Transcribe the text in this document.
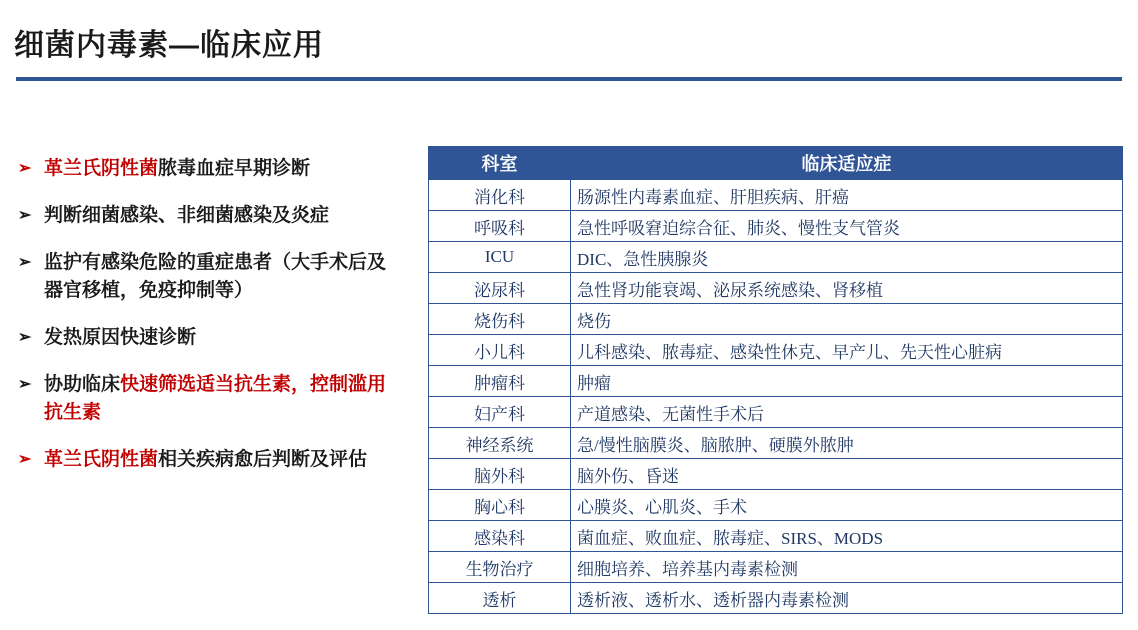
细菌内毒素—临床应用
➢ 革兰氏阴性菌脓毒血症早期诊断
➢ 判断细菌感染、非细菌感染及炎症
➢ 监护有感染危险的重症患者（大手术后及器官移植，免疫抑制等）
➢ 发热原因快速诊断
➢ 协助临床快速筛选适当抗生素，控制滥用抗生素
➢ 革兰氏阴性菌相关疾病愈后判断及评估
科室	临床适应症
消化科	肠源性内毒素血症、肝胆疾病、肝癌
呼吸科	急性呼吸窘迫综合征、肺炎、慢性支气管炎
ICU	DIC、急性胰腺炎
泌尿科	急性肾功能衰竭、泌尿系统感染、肾移植
烧伤科	烧伤
小儿科	儿科感染、脓毒症、感染性休克、早产儿、先天性心脏病
肿瘤科	肿瘤
妇产科	产道感染、无菌性手术后
神经系统	急/慢性脑膜炎、脑脓肿、硬膜外脓肿
脑外科	脑外伤、昏迷
胸心科	心膜炎、心肌炎、手术
感染科	菌血症、败血症、脓毒症、SIRS、MODS
生物治疗	细胞培养、培养基内毒素检测
透析	透析液、透析水、透析器内毒素检测
